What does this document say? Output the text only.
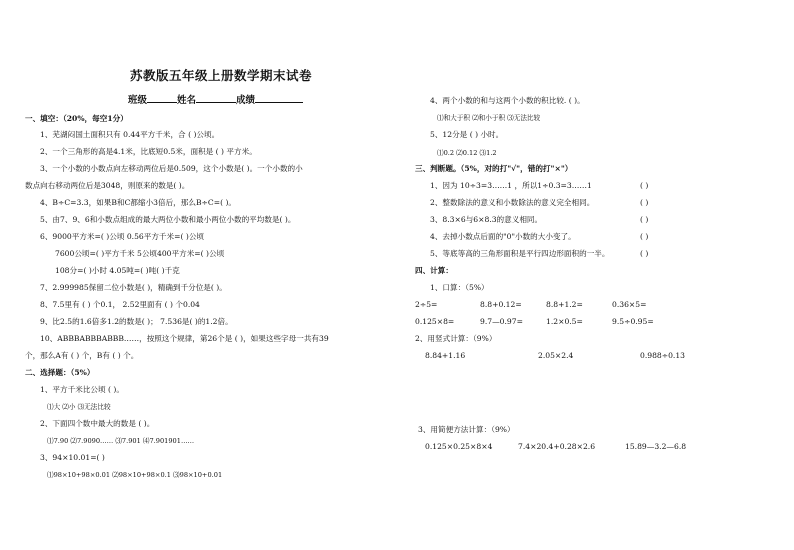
苏教版五年级上册数学期末试卷
班级	姓名	成绩
一、填空：（20%，每空1分）
1、芜湖闷国土面积只有 0.44平方千米，合 ( )公顷。
2、一个三角形的高是4.1米，比底短0.5米，面积是 ( ) 平方米。
3、一个小数的小数点向左移动两位后是0.509，这个小数是( )。一个小数的小
数点向右移动两位后是3048，则原来的数是( )。
4、B÷C=3.3，如果B和C都缩小3倍后，那么B÷C=( )。
5、由7、9、6和小数点组成的最大两位小数和最小两位小数的平均数是( )。
6、9000平方米=( )公顷 0.56平方千米=( )公顷
7600公顷=( )平方千米 5公顷400平方米=( )公顷
108分=( )小时 4.05吨=( )吨( )千克
7、2.999985保留二位小数是( )，精确到千分位是( )。
8、7.5里有 ( ) 个0.1， 2.52里面有 ( ) 个0.04
9、比2.5的1.6倍多1.2的数是( )； 7.536是( )的1.2倍。
10、ABBBABBBABBB……，按照这个规律，第26个是 ( )，如果这些字母一共有39
个，那么A有 ( ) 个，B有 ( ) 个。
二、选择题：（5%）
1、平方千米比公顷 ( )。
⑴大 ⑵小 ⑶无法比较
2、下面四个数中最大的数是 ( )。
⑴7.90 ⑵7.9090…… ⑶7.901 ⑷7.901901……
3、94×10.01=( )
⑴98×10+98×0.01 ⑵98×10+98×0.1 ⑶98×10+0.01
4、两个小数的和与这两个小数的积比较. ( )。
⑴和大于积 ⑵和小于积 ⑶无法比较
5、12分是 ( ) 小时。
⑴0.2 ⑵0.12 ⑶1.2
三、判断题。（5%，对的打"√"，错的打"×"）
1、因为 10÷3=3……1 ，所以1÷0.3=3……1	( )
2、整数除法的意义和小数除法的意义完全相同。	( )
3、8.3×6与6×8.3的意义相同。	( )
4、去掉小数点后面的"0"小数的大小变了。	( )
5、等底等高的三角形面积是平行四边形面积的一半。	( )
四、计算：
1、口算：（5%）
2÷5=	8.8+0.12=	8.8+1.2=	0.36×5=
0.125×8=	9.7—0.97=	1.2×0.5=	9.5÷0.95=
2、用竖式计算：（9%）
8.84+1.16	2.05×2.4	0.988÷0.13
3、用简便方法计算：（9%）
0.125×0.25×8×4	7.4×20.4+0.28×2.6	15.89—3.2—6.8
